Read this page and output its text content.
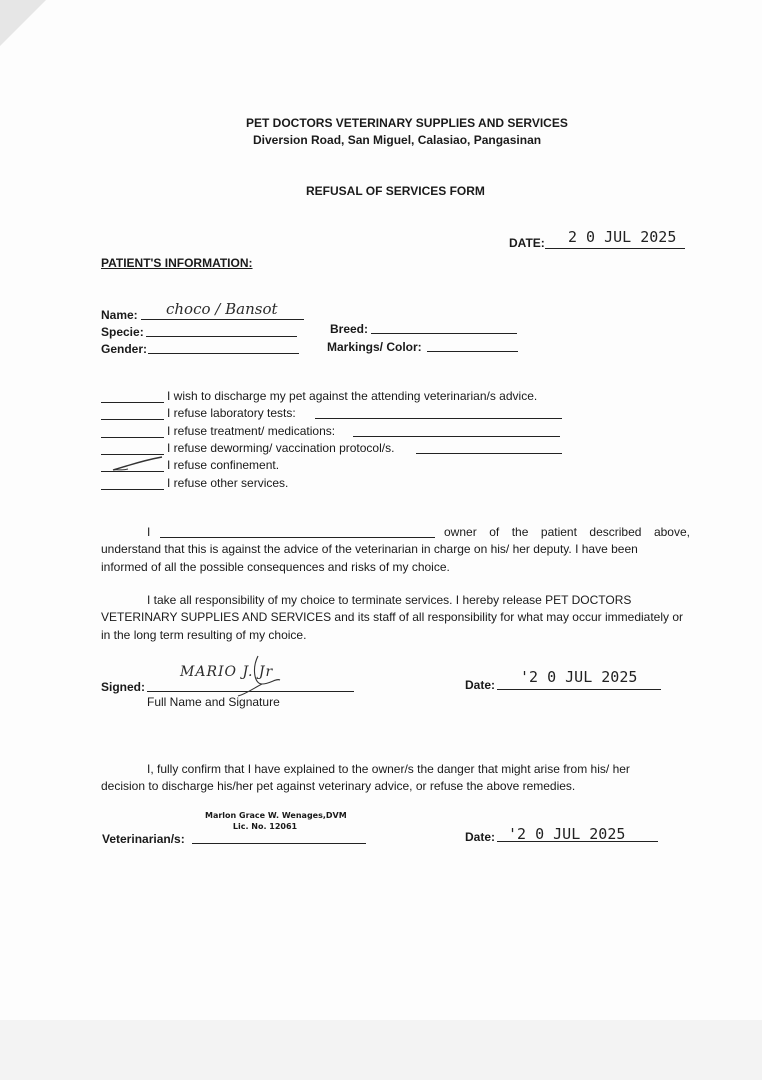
PET DOCTORS VETERINARY SUPPLIES AND SERVICES
Diversion Road, San Miguel, Calasiao, Pangasinan
REFUSAL OF SERVICES FORM
DATE: 2 0 JUL 2025
PATIENT'S INFORMATION:
Name: choco / Bansot
Specie:	Breed:
Gender:	Markings/ Color:
I wish to discharge my pet against the attending veterinarian/s advice.
I refuse laboratory tests:
I refuse treatment/ medications:
I refuse deworming/ vaccination protocol/s.
I refuse confinement.
I refuse other services.
I	owner of the patient described above,
understand that this is against the advice of the veterinarian in charge on his/ her deputy. I have been
informed of all the possible consequences and risks of my choice.
I take all responsibility of my choice to terminate services. I hereby release PET DOCTORS
VETERINARY SUPPLIES AND SERVICES and its staff of all responsibility for what may occur immediately or
in the long term resulting of my choice.
Signed:
MARIO J. Jr
Full Name and Signature
Date: '2 0 JUL 2025
I, fully confirm that I have explained to the owner/s the danger that might arise from his/ her
decision to discharge his/her pet against veterinary advice, or refuse the above remedies.
Veterinarian/s:
Marlon Grace W. Wenages,DVM
Lic. No. 12061
Date: '2 0 JUL 2025
